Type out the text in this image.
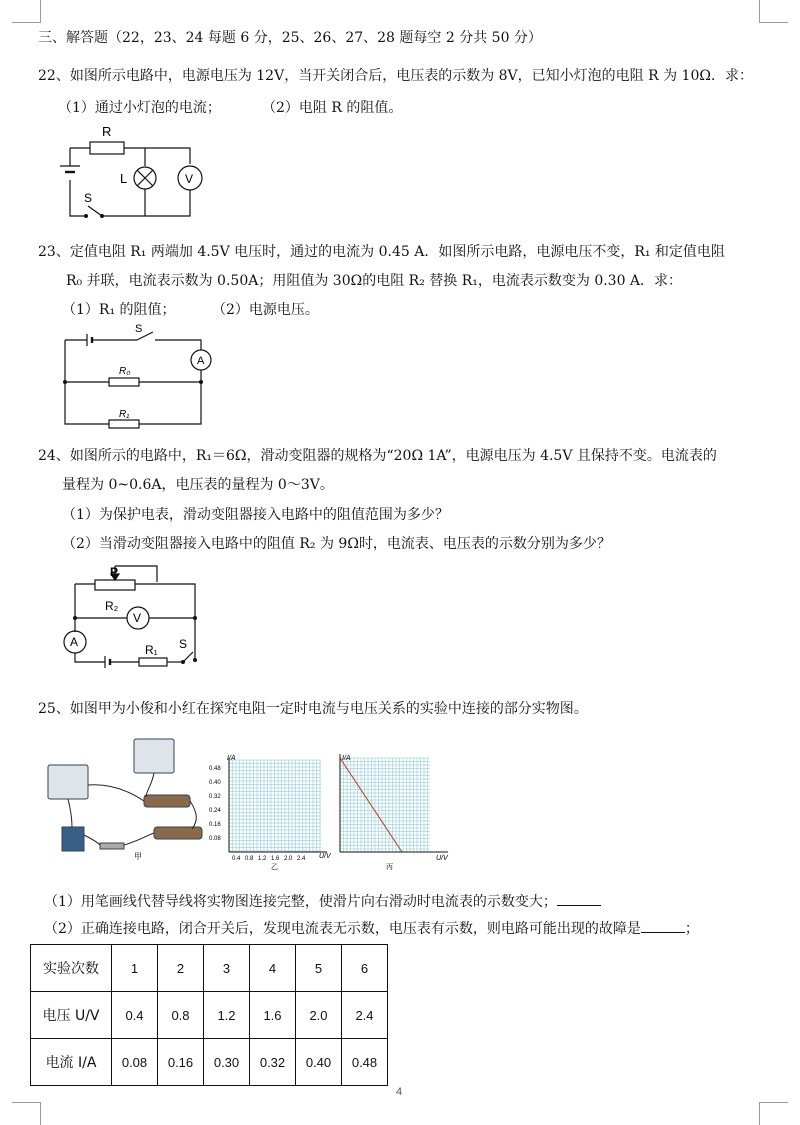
三、解答题（22，23、24 每题 6 分，25、26、27、28 题每空 2 分共 50 分）
22、如图所示电路中，电源电压为 12V，当开关闭合后，电压表的示数为 8V，已知小灯泡的电阻 R 为 10Ω．求：
（1）通过小灯泡的电流；	（2）电阻 R 的阻值。
R
L	V
S
23、定值电阻 R₁ 两端加 4.5V 电压时，通过的电流为 0.45 A．如图所示电路，电源电压不变，R₁ 和定值电阻
R₀ 并联，电流表示数为 0.50A；用阻值为 30Ω的电阻 R₂ 替换 R₁，电流表示数变为 0.30 A．求：
（1）R₁ 的阻值；	（2）电源电压。
S
A
R₀
R₁
24、如图所示的电路中，R₁＝6Ω，滑动变阻器的规格为“20Ω 1A”，电源电压为 4.5V 且保持不变。电流表的
量程为 0~0.6A，电压表的量程为 0～3V。
（1）为保护电表，滑动变阻器接入电路中的阻值范围为多少？
（2）当滑动变阻器接入电路中的阻值 R₂ 为 9Ω时，电流表、电压表的示数分别为多少？
P
R₂
V
A
R₁ S
25、如图甲为小俊和小红在探究电阻一定时电流与电压关系的实验中连接的部分实物图。
甲
I/A
U/V
0.48
0.40
0.32
0.24
0.16
0.08
0.4 0.8 1.2 1.6 2.0 2.4
乙
I/A
U/V
丙
（1）用笔画线代替导线将实物图连接完整，使滑片向右滑动时电流表的示数变大；
（2）正确连接电路，闭合开关后，发现电流表无示数，电压表有示数，则电路可能出现的故障是	；
实验次数	1	2	3	4	5	6
电压 U/V	0.4	0.8	1.2	1.6	2.0	2.4
电流 I/A	0.08	0.16	0.30	0.32	0.40	0.48
4
